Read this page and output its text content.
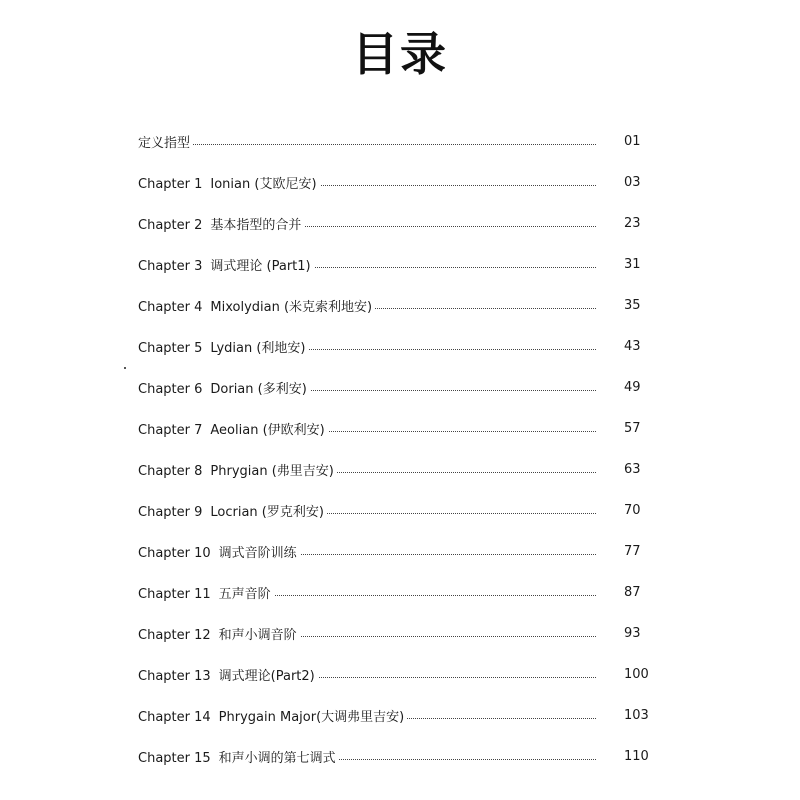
目录
定义指型	01
Chapter 1 Ionian (艾欧尼安)	03
Chapter 2 基本指型的合并	23
Chapter 3 调式理论 (Part1)	31
Chapter 4 Mixolydian (米克索利地安)	35
Chapter 5 Lydian (利地安)	43
Chapter 6 Dorian (多利安)	49
Chapter 7 Aeolian (伊欧利安)	57
Chapter 8 Phrygian (弗里吉安)	63
Chapter 9 Locrian (罗克利安)	70
Chapter 10 调式音阶训练	77
Chapter 11 五声音阶	87
Chapter 12 和声小调音阶	93
Chapter 13 调式理论(Part2)	100
Chapter 14 Phrygain Major(大调弗里吉安)	103
Chapter 15 和声小调的第七调式	110
